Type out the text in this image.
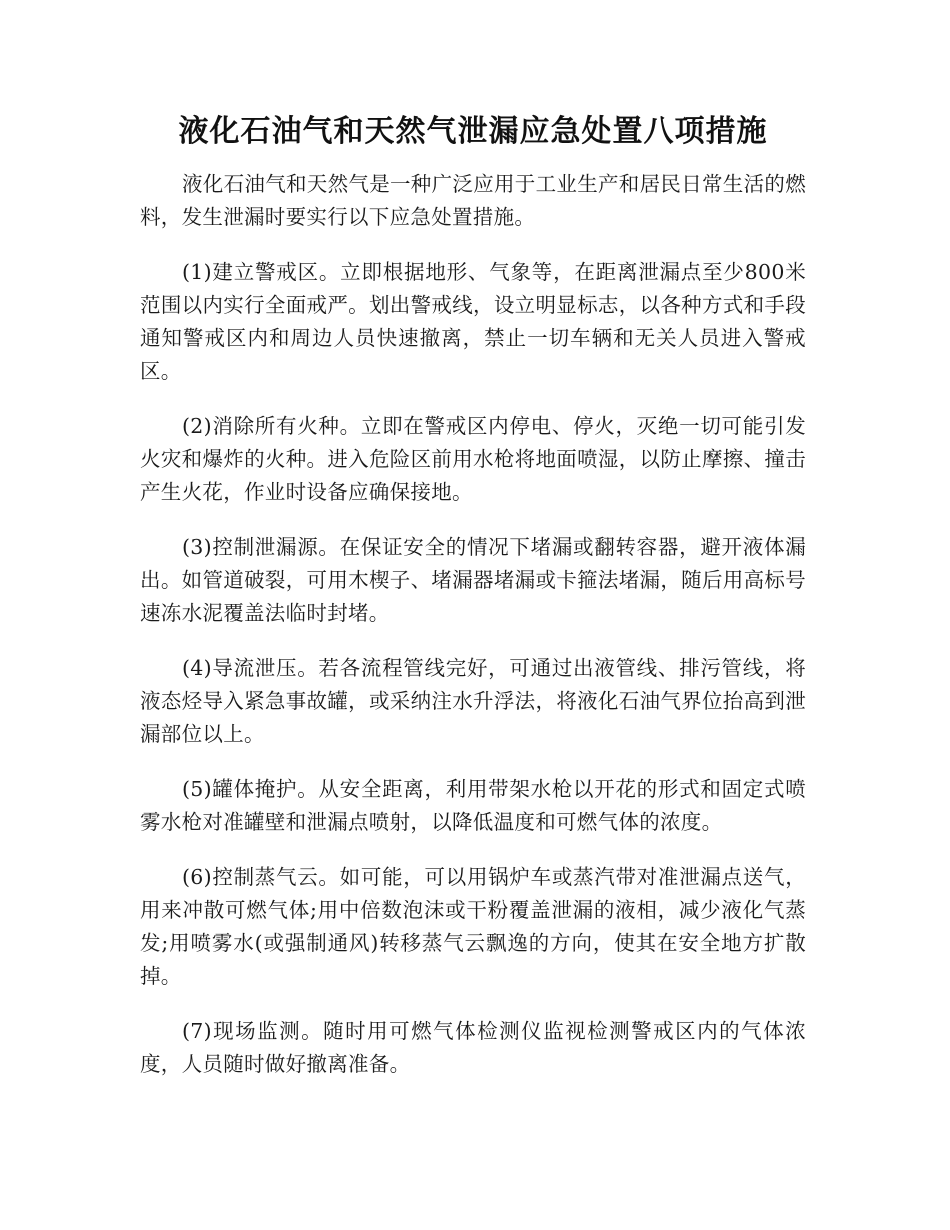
液化石油气和天然气泄漏应急处置八项措施

液化石油气和天然气是一种广泛应用于工业生产和居民日常生活的燃料，发生泄漏时要实行以下应急处置措施。

(1)建立警戒区。立即根据地形、气象等，在距离泄漏点至少800米范围以内实行全面戒严。划出警戒线，设立明显标志，以各种方式和手段通知警戒区内和周边人员快速撤离，禁止一切车辆和无关人员进入警戒区。

(2)消除所有火种。立即在警戒区内停电、停火，灭绝一切可能引发火灾和爆炸的火种。进入危险区前用水枪将地面喷湿，以防止摩擦、撞击产生火花，作业时设备应确保接地。

(3)控制泄漏源。在保证安全的情况下堵漏或翻转容器，避开液体漏出。如管道破裂，可用木楔子、堵漏器堵漏或卡箍法堵漏，随后用高标号速冻水泥覆盖法临时封堵。

(4)导流泄压。若各流程管线完好，可通过出液管线、排污管线，将液态烃导入紧急事故罐，或采纳注水升浮法，将液化石油气界位抬高到泄漏部位以上。

(5)罐体掩护。从安全距离，利用带架水枪以开花的形式和固定式喷雾水枪对准罐壁和泄漏点喷射，以降低温度和可燃气体的浓度。

(6)控制蒸气云。如可能，可以用锅炉车或蒸汽带对准泄漏点送气，用来冲散可燃气体;用中倍数泡沫或干粉覆盖泄漏的液相，减少液化气蒸发;用喷雾水(或强制通风)转移蒸气云飘逸的方向，使其在安全地方扩散掉。

(7)现场监测。随时用可燃气体检测仪监视检测警戒区内的气体浓度，人员随时做好撤离准备。
